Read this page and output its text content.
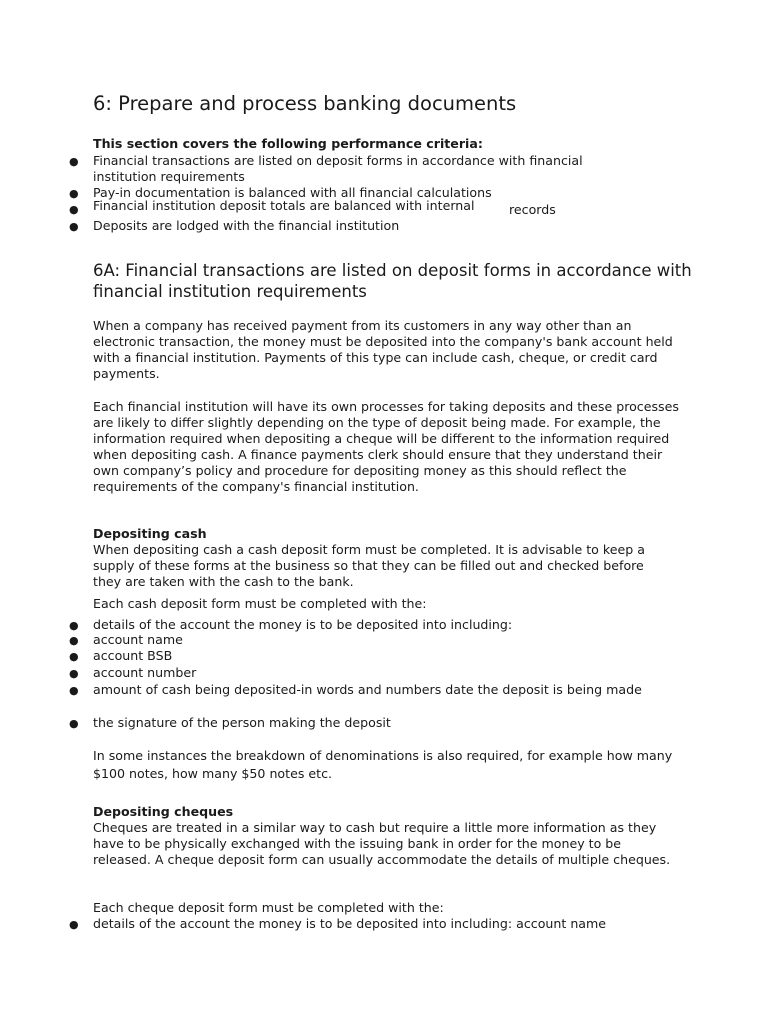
6: Prepare and process banking documents

This section covers the following performance criteria:

● Financial transactions are listed on deposit forms in accordance with financial institution requirements

● Pay-in documentation is balanced with all financial calculations

● Financial institution deposit totals are balanced with internal	records

● Deposits are lodged with the financial institution

6A: Financial transactions are listed on deposit forms in accordance with financial institution requirements

When a company has received payment from its customers in any way other than an electronic transaction, the money must be deposited into the company's bank account held with a financial institution. Payments of this type can include cash, cheque, or credit card payments.

Each financial institution will have its own processes for taking deposits and these processes are likely to differ slightly depending on the type of deposit being made. For example, the information required when depositing a cheque will be different to the information required when depositing cash. A finance payments clerk should ensure that they understand their own company’s policy and procedure for depositing money as this should reflect the requirements of the company's financial institution.

Depositing cash

When depositing cash a cash deposit form must be completed. It is advisable to keep a supply of these forms at the business so that they can be filled out and checked before they are taken with the cash to the bank.

Each cash deposit form must be completed with the:

● details of the account the money is to be deposited into including:

● account name

● account BSB

● account number

● amount of cash being deposited-in words and numbers date the deposit is being made

● the signature of the person making the deposit

In some instances the breakdown of denominations is also required, for example how many $100 notes, how many $50 notes etc.

Depositing cheques

Cheques are treated in a similar way to cash but require a little more information as they have to be physically exchanged with the issuing bank in order for the money to be released. A cheque deposit form can usually accommodate the details of multiple cheques.

Each cheque deposit form must be completed with the:

● details of the account the money is to be deposited into including: account name
